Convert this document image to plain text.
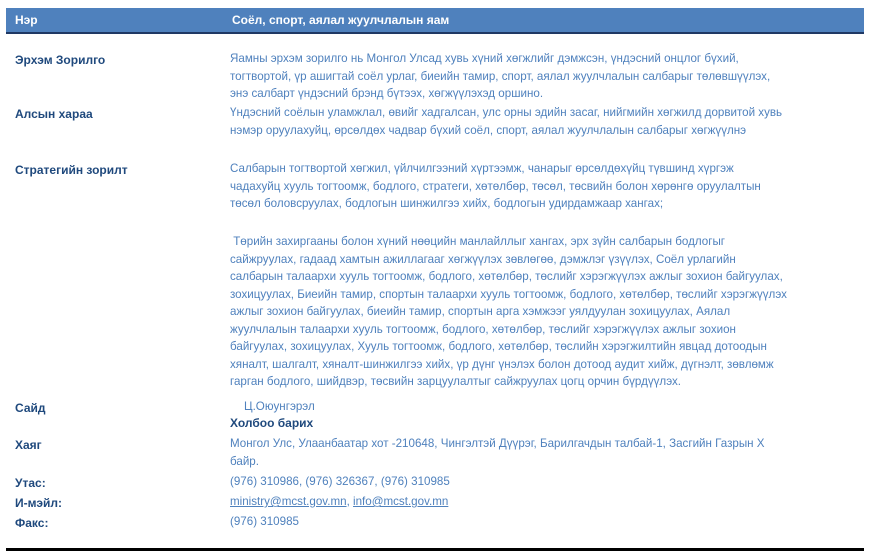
Нэр	Соёл, спорт, аялал жуулчлалын яам
Эрхэм Зорилго	Яамны эрхэм зорилго нь Монгол Улсад хувь хүний хөгжлийг дэмжсэн, үндэсний онцлог бүхий,
тогтвортой, үр ашигтай соёл урлаг, биеийн тамир, спорт, аялал жуулчлалын салбарыг төлөвшүүлэх,
энэ салбарт үндэсний брэнд бүтээх, хөгжүүлэхэд оршино.
Алсын хараа	Үндэсний соёлын уламжлал, өвийг хадгалсан, улс орны эдийн засаг, нийгмийн хөгжилд дорвитой хувь
нэмэр оруулахуйц, өрсөлдөх чадвар бүхий соёл, спорт, аялал жуулчлалын салбарыг хөгжүүлнэ
Стратегийн зорилт	Салбарын тогтвортой хөгжил, үйлчилгээний хүртээмж, чанарыг өрсөлдөхүйц түвшинд хүргэж
чадахуйц хууль тогтоомж, бодлого, стратеги, хөтөлбөр, төсөл, төсвийн болон хөрөнгө оруулалтын
төсөл боловсруулах, бодлогын шинжилгээ хийх, бодлогын удирдамжаар хангах;
Төрийн захиргааны болон хүний нөөцийн манлайллыг хангах, эрх зүйн салбарын бодлогыг
сайжруулах, гадаад хамтын ажиллагааг хөгжүүлэх зөвлөгөө, дэмжлэг үзүүлэх, Соёл урлагийн
салбарын талаархи хууль тогтоомж, бодлого, хөтөлбөр, төслийг хэрэгжүүлэх ажлыг зохион байгуулах,
зохицуулах, Биеийн тамир, спортын талаархи хууль тогтоомж, бодлого, хөтөлбөр, төслийг хэрэгжүүлэх
ажлыг зохион байгуулах, биеийн тамир, спортын арга хэмжээг уялдуулан зохицуулах, Аялал
жуулчлалын талаархи хууль тогтоомж, бодлого, хөтөлбөр, төслийг хэрэгжүүлэх ажлыг зохион
байгуулах, зохицуулах, Хууль тогтоомж, бодлого, хөтөлбөр, төслийн хэрэгжилтийн явцад дотоодын
хяналт, шалгалт, хяналт-шинжилгээ хийх, үр дүнг үнэлэх болон дотоод аудит хийж, дүгнэлт, зөвлөмж
гарган бодлого, шийдвэр, төсвийн зарцуулалтыг сайжруулах цогц орчин бүрдүүлэх.
Сайд	Ц.Оюунгэрэл
Холбоо барих
Хаяг	Монгол Улс, Улаанбаатар хот -210648, Чингэлтэй Дүүрэг, Барилгачдын талбай-1, Засгийн Газрын Х
байр.
Утас:	(976) 310986, (976) 326367, (976) 310985
И-мэйл:	ministry@mcst.gov.mn, info@mcst.gov.mn
Факс:	(976) 310985
